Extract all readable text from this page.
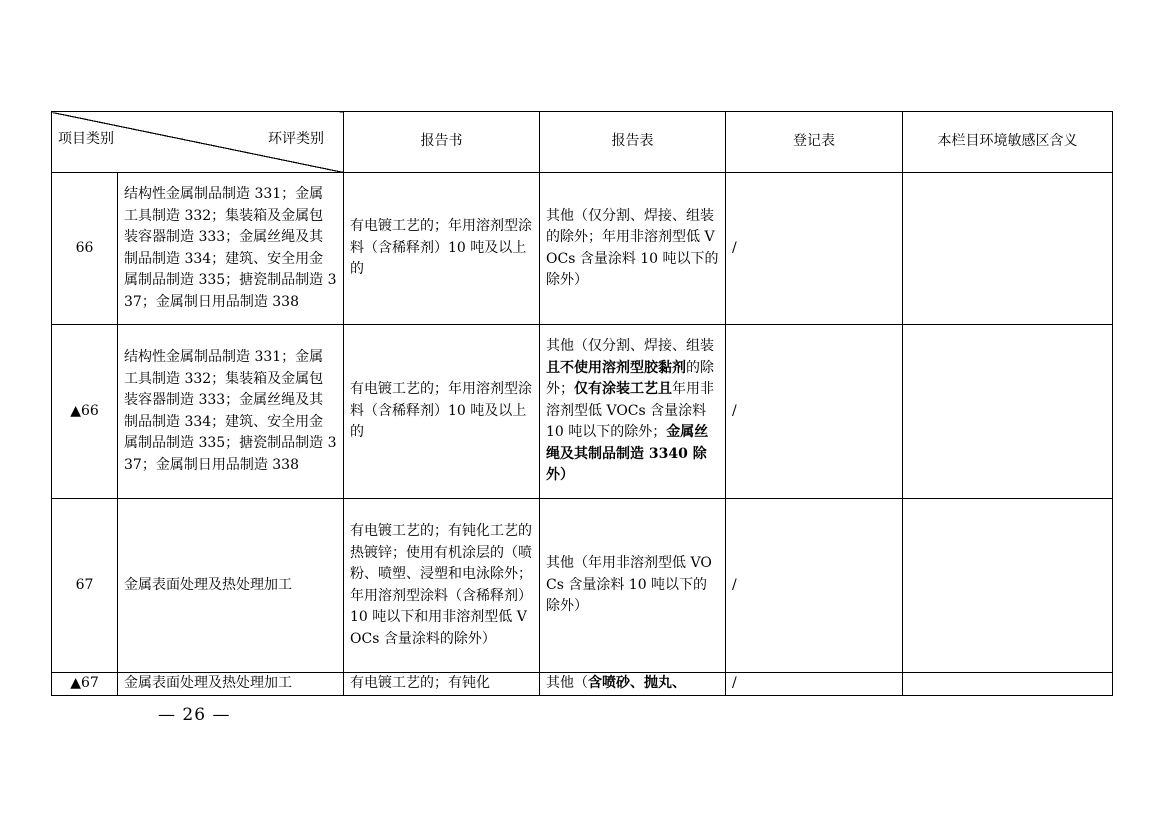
项目类别 环评类别		报告书	报告表	登记表	本栏目环境敏感区含义
66	结构性金属制品制造 331；金属工具制造 332；集装箱及金属包装容器制造 333；金属丝绳及其制品制造 334；建筑、安全用金属制品制造 335；搪瓷制品制造 337；金属制日用品制造 338	有电镀工艺的；年用溶剂型涂料（含稀释剂）10 吨及以上的	其他（仅分割、焊接、组装的除外；年用非溶剂型低 VOCs 含量涂料 10 吨以下的除外）	/	
▲66	结构性金属制品制造 331；金属工具制造 332；集装箱及金属包装容器制造 333；金属丝绳及其制品制造 334；建筑、安全用金属制品制造 335；搪瓷制品制造 337；金属制日用品制造 338	有电镀工艺的；年用溶剂型涂料（含稀释剂）10 吨及以上的	其他（仅分割、焊接、组装且不使用溶剂型胶黏剂的除外；仅有涂装工艺且年用非溶剂型低 VOCs 含量涂料 10 吨以下的除外；金属丝绳及其制品制造 3340 除外）	/	
67	金属表面处理及热处理加工	有电镀工艺的；有钝化工艺的热镀锌；使用有机涂层的（喷粉、喷塑、浸塑和电泳除外；年用溶剂型涂料（含稀释剂）10 吨以下和用非溶剂型低 VOCs 含量涂料的除外）	其他（年用非溶剂型低 VOCs 含量涂料 10 吨以下的除外）	/	
▲67	金属表面处理及热处理加工	有电镀工艺的；有钝化	其他（含喷砂、抛丸、	/	
— 26 —
